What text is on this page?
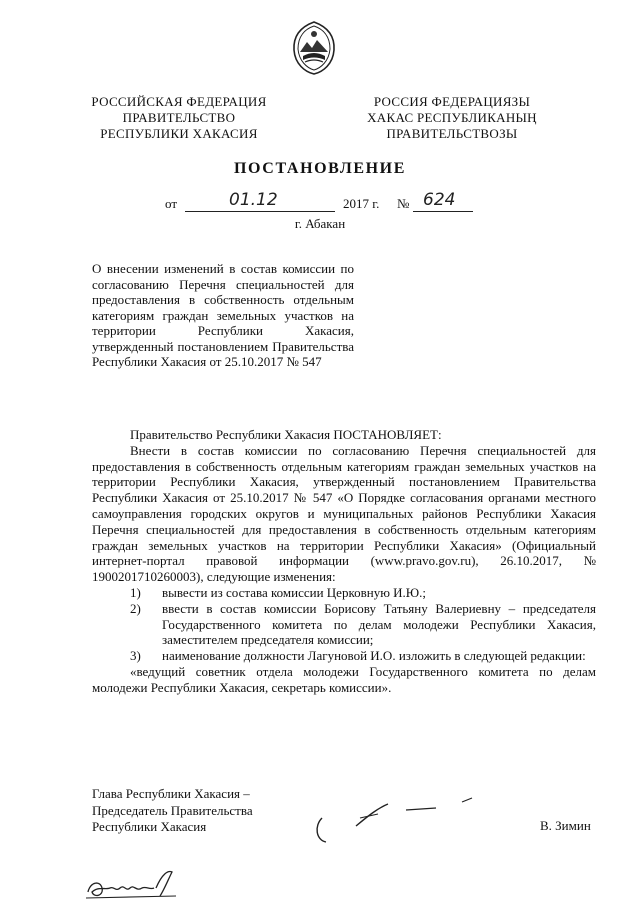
РОССИЙСКАЯ ФЕДЕРАЦИЯ
ПРАВИТЕЛЬСТВО
РЕСПУБЛИКИ ХАКАСИЯ
РОССИЯ ФЕДЕРАЦИЯЗЫ
ХАКАС РЕСПУБЛИКАНЫҢ
ПРАВИТЕЛЬСТВОЗЫ
ПОСТАНОВЛЕНИЕ
от	01.12	2017 г. № 624
г. Абакан
О внесении изменений в состав комиссии по согласованию Перечня специальностей для предоставления в собственность отдельным категориям граждан земельных участков на территории Республики Хакасия, утвержденный постановлением Правительства Республики Хакасия от 25.10.2017 № 547

Правительство Республики Хакасия ПОСТАНОВЛЯЕТ:

Внести в состав комиссии по согласованию Перечня специальностей для предоставления в собственность отдельным категориям граждан земельных участков на территории Республики Хакасия, утвержденный постановлением Правительства Республики Хакасия от 25.10.2017 № 547 «О Порядке согласования органами местного самоуправления городских округов и муниципальных районов Республики Хакасия Перечня специальностей для предоставления в собственность отдельным категориям граждан земельных участков на территории Республики Хакасия» (Официальный интернет-портал правовой информации (www.pravo.gov.ru), 26.10.2017, № 1900201710260003), следующие изменения:

1)	вывести из состава комиссии Церковную И.Ю.;
2)	ввести в состав комиссии Борисову Татьяну Валериевну – председателя Государственного комитета по делам молодежи Республики Хакасия, заместителем председателя комиссии;
3)	наименование должности Лагуновой И.О. изложить в следующей редакции:

«ведущий советник отдела молодежи Государственного комитета по делам молодежи Республики Хакасия, секретарь комиссии».

Глава Республики Хакасия –
Председатель Правительства
Республики Хакасия	В. Зимин
